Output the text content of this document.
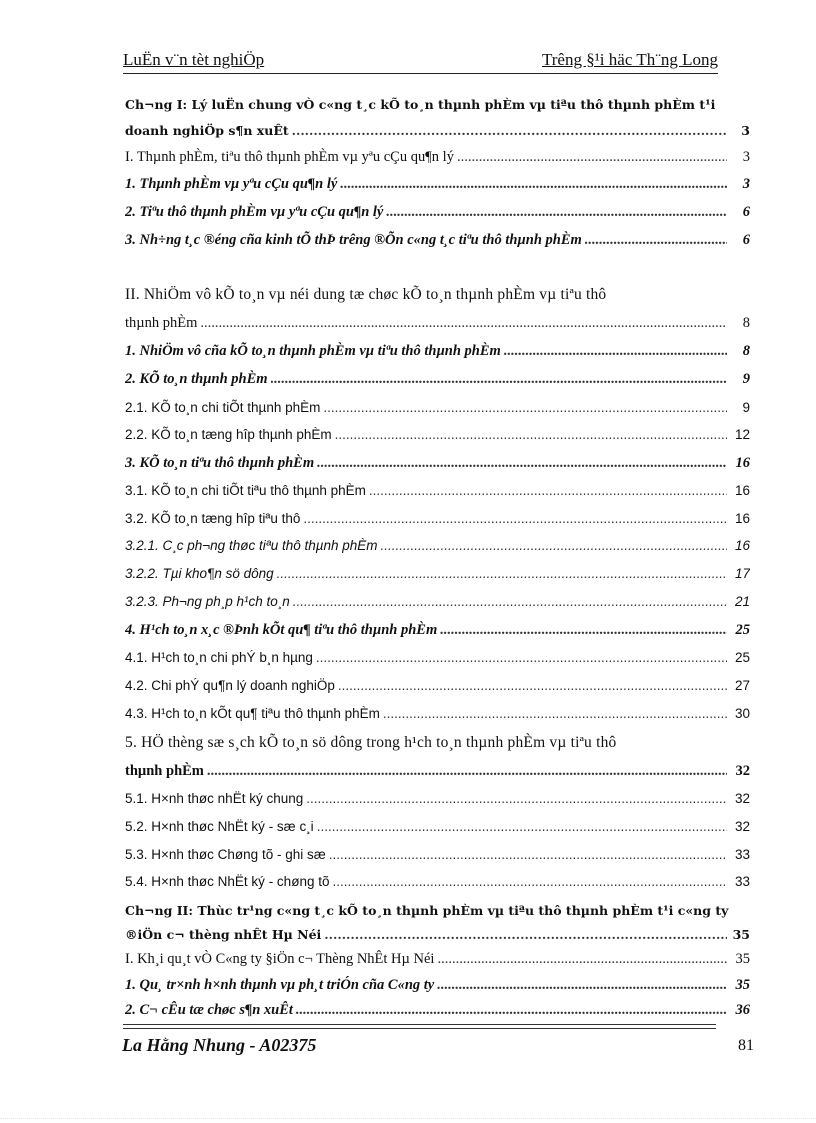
LuËn v¨n tèt nghiÖp	Trêng §¹i häc Th¨ng Long
Ch¬ng I: Lý luËn chung vÒ c«ng t¸c kÕ to¸n thµnh phÈm vµ tiªu thô thµnh phÈm t¹i
doanh nghiÖp s¶n xuÊt .....	3
I. Thµnh phÈm, tiªu thô thµnh phÈm vµ yªu cÇu qu¶n lý .....	3
1. Thµnh phÈm vµ yªu cÇu qu¶n lý .....	3
2. Tiªu thô thµnh phÈm vµ yªu cÇu qu¶n lý .....	6
3. Nh÷ng t¸c ®éng cña kinh tÕ thÞ trêng ®Õn c«ng t¸c tiªu thô thµnh phÈm .....	6
II. NhiÖm vô kÕ to¸n vµ néi dung tæ chøc kÕ to¸n thµnh phÈm vµ tiªu thô
thµnh phÈm .....	8
1. NhiÖm vô cña kÕ to¸n thµnh phÈm vµ tiªu thô thµnh phÈm .....	8
2. KÕ to¸n thµnh phÈm .....	9
2.1. KÕ to¸n chi tiÕt thµnh phÈm .....	9
2.2. KÕ to¸n tæng hîp thµnh phÈm .....	12
3. KÕ to¸n tiªu thô thµnh phÈm .....	16
3.1. KÕ to¸n chi tiÕt tiªu thô thµnh phÈm .....	16
3.2. KÕ to¸n tæng hîp tiªu thô .....	16
3.2.1. C¸c ph¬ng thøc tiªu thô thµnh phÈm .....	16
3.2.2. Tµi kho¶n sö dông .....	17
3.2.3. Ph¬ng ph¸p h¹ch to¸n .....	21
4. H¹ch to¸n x¸c ®Þnh kÕt qu¶ tiªu thô thµnh phÈm .....	25
4.1. H¹ch to¸n chi phÝ b¸n hµng .....	25
4.2. Chi phÝ qu¶n lý doanh nghiÖp .....	27
4.3. H¹ch to¸n kÕt qu¶ tiªu thô thµnh phÈm .....	30
5. HÖ thèng sæ s¸ch kÕ to¸n sö dông trong h¹ch to¸n thµnh phÈm vµ tiªu thô
thµnh phÈm .....	32
5.1. H×nh thøc nhËt ký chung .....	32
5.2. H×nh thøc NhËt ký - sæ c¸i .....	32
5.3. H×nh thøc Chøng tõ - ghi sæ .....	33
5.4. H×nh thøc NhËt ký - chøng tõ .....	33
Ch¬ng II: Thùc tr¹ng c«ng t¸c kÕ to¸n thµnh phÈm vµ tiªu thô thµnh phÈm t¹i c«ng ty
®iÖn c¬ thèng nhÊt Hµ Néi .....	35
I. Kh¸i qu¸t vÒ C«ng ty §iÖn c¬ Thèng NhÊt Hµ Néi .....	35
1. Qu¸ tr×nh h×nh thµnh vµ ph¸t triÓn cña C«ng ty .....	35
2. C¬ cÊu tæ chøc s¶n xuÊt .....	36
La Hằng Nhung - A02375	81
